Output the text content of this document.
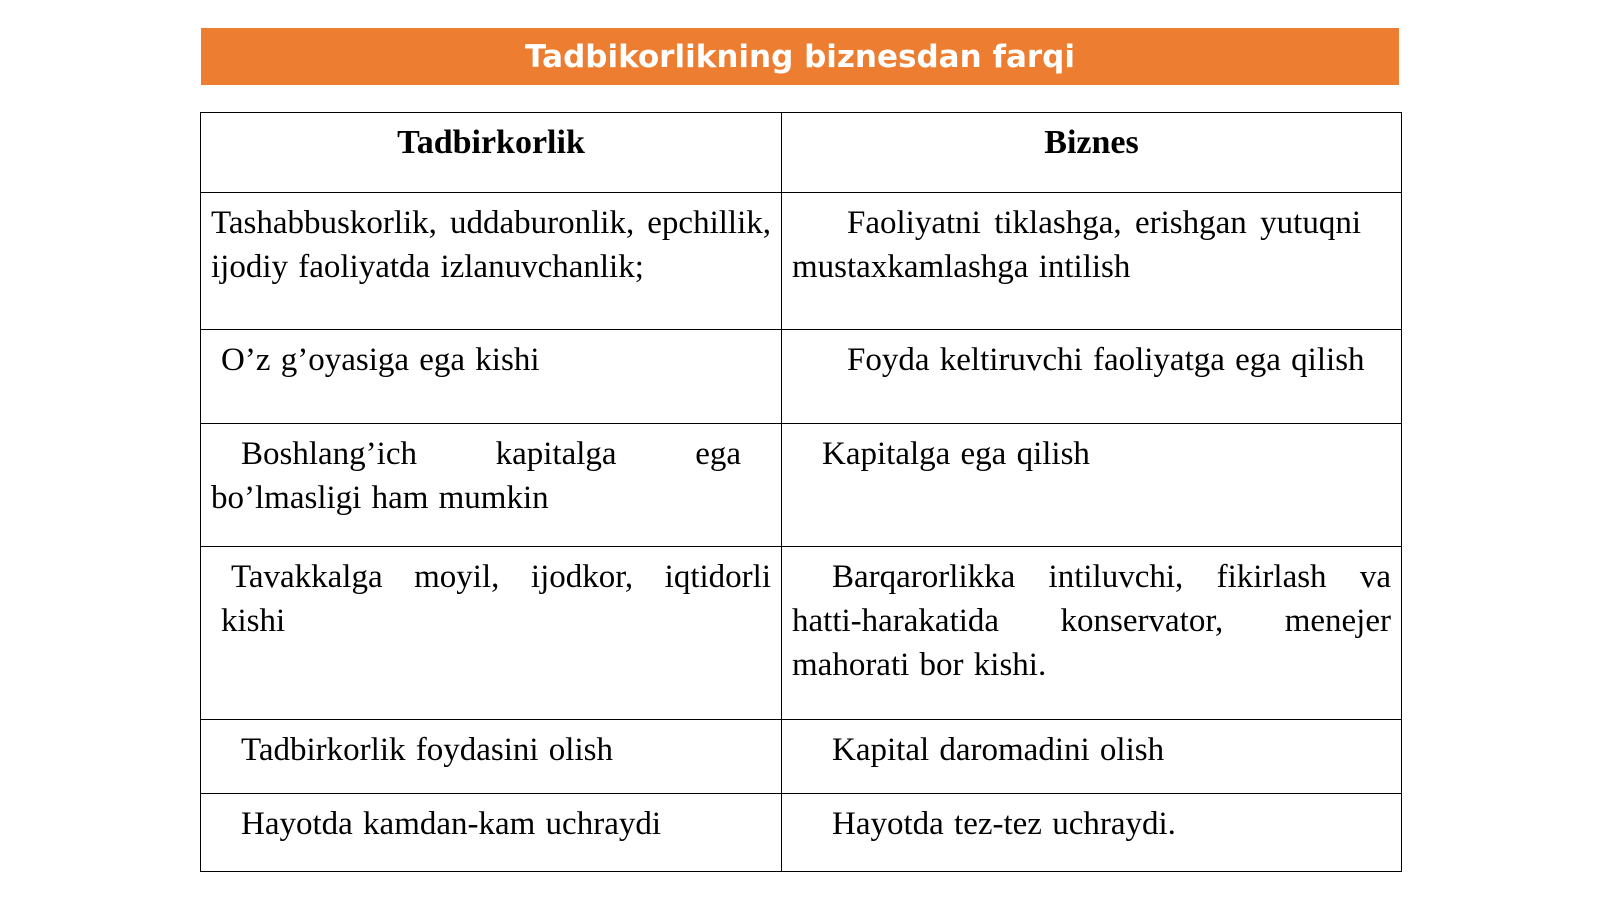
Tadbikorlikning biznesdan farqi
Tadbirkorlik	Biznes

Tashabbuskorlik, uddaburonlik, epchillik, ijodiy faoliyatda izlanuvchanlik;	Faoliyatni tiklashga, erishgan yutuqni mustaxkamlashga intilish

O’z g’oyasiga ega kishi	Foyda keltiruvchi faoliyatga ega qilish

Boshlang’ich kapitalga ega bo’lmasligi ham mumkin	Kapitalga ega qilish

Tavakkalga moyil, ijodkor, iqtidorli kishi	Barqarorlikka intiluvchi, fikirlash va hatti-harakatida konservator, menejer mahorati bor kishi.

Tadbirkorlik foydasini olish	Kapital daromadini olish

Hayotda kamdan-kam uchraydi	Hayotda tez-tez uchraydi.
